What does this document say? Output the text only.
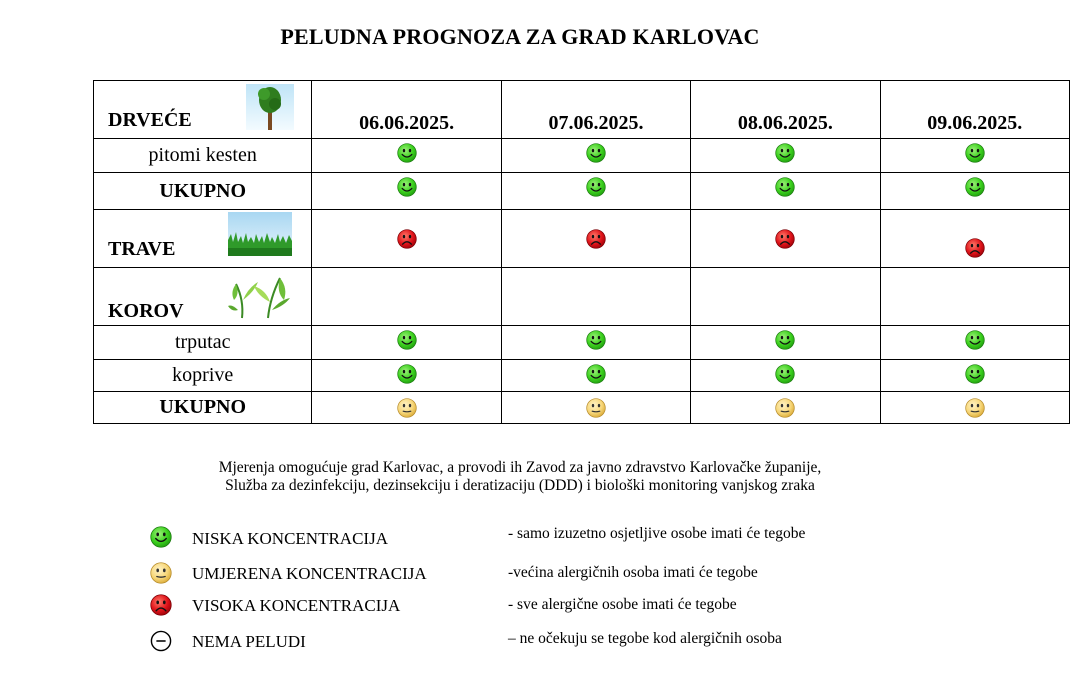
PELUDNA PROGNOZA ZA GRAD KARLOVAC
DRVEĆE	06.06.2025.	07.06.2025.	08.06.2025.	09.06.2025.
pitomi kesten				
UKUPNO				
TRAVE

KOROV

trputac				
koprive				
UKUPNO				
Mjerenja omogućuje grad Karlovac, a provodi ih Zavod za javno zdravstvo Karlovačke županije,
Služba za dezinfekciju, dezinsekciju i deratizaciju (DDD) i biološki monitoring vanjskog zraka
NISKA KONCENTRACIJA	- samo izuzetno osjetljive osobe imati će tegobe
UMJERENA KONCENTRACIJA	-većina alergičnih osoba imati će tegobe
VISOKA KONCENTRACIJA	- sve alergične osobe imati će tegobe
NEMA PELUDI	– ne očekuju se tegobe kod alergičnih osoba
